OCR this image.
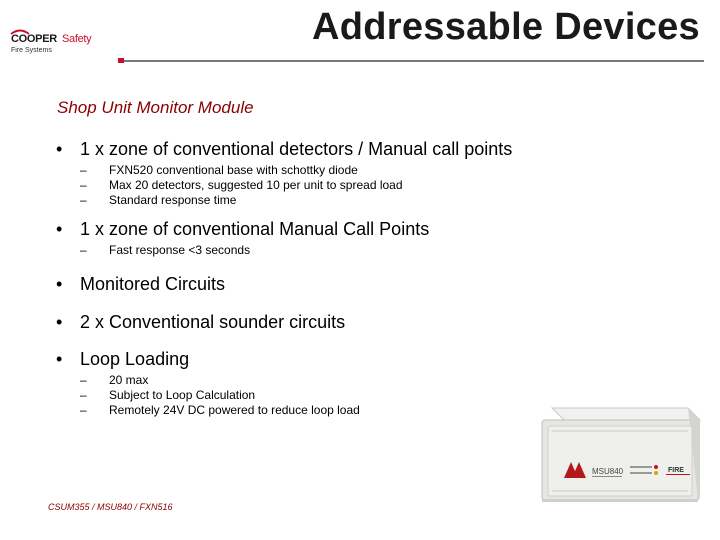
COOPER Safety
Fire Systems
Addressable Devices
Shop Unit Monitor Module
• 1 x zone of conventional detectors / Manual call points
– FXN520 conventional base with schottky diode
– Max 20 detectors, suggested 10 per unit to spread load
– Standard response time
• 1 x zone of conventional Manual Call Points
– Fast response <3 seconds
• Monitored Circuits
• 2 x Conventional sounder circuits
• Loop Loading
– 20 max
– Subject to Loop Calculation
– Remotely 24V DC powered to reduce loop load
MSU840	FIRE
CSUM355 / MSU840 / FXN516
